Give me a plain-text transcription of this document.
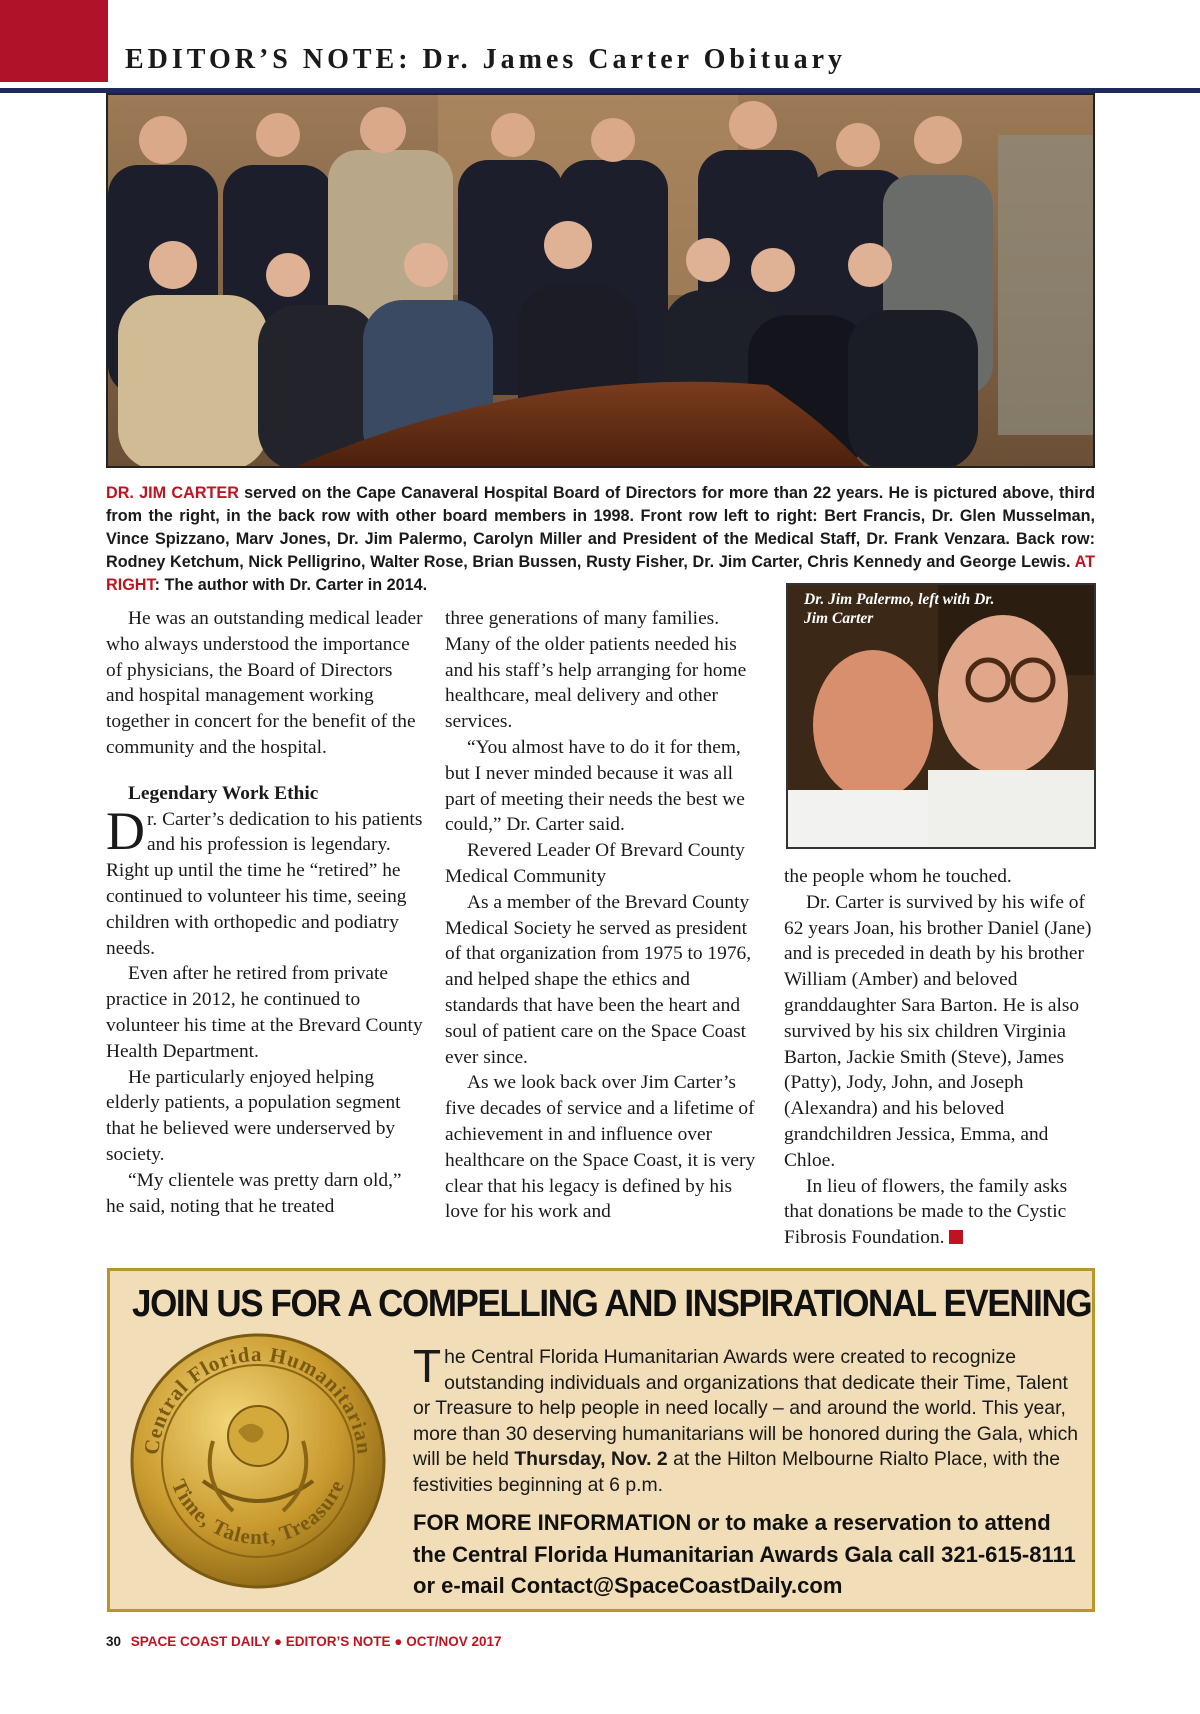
EDITOR’S NOTE: Dr. James Carter Obituary
DR. JIM CARTER served on the Cape Canaveral Hospital Board of Directors for more than 22 years. He is pictured above, third from the right, in the back row with other board members in 1998. Front row left to right: Bert Francis, Dr. Glen Musselman, Vince Spizzano, Marv Jones, Dr. Jim Palermo, Carolyn Miller and President of the Medical Staff, Dr. Frank Venzara. Back row: Rodney Ketchum, Nick Pelligrino, Walter Rose, Brian Bussen, Rusty Fisher, Dr. Jim Carter, Chris Kennedy and George Lewis. AT RIGHT: The author with Dr. Carter in 2014.
Dr. Jim Palermo, left with Dr. Jim Carter

He was an outstanding medical leader who always understood the importance of physicians, the Board of Directors and hospital management working together in concert for the benefit of the community and the hospital.

Legendary Work Ethic

Dr. Carter’s dedication to his patients and his profession is legendary. Right up until the time he “retired” he continued to volunteer his time, seeing children with orthopedic and podiatry needs.

Even after he retired from private practice in 2012, he continued to volunteer his time at the Brevard County Health Department.

He particularly enjoyed helping elderly patients, a population segment that he believed were underserved by society.

“My clientele was pretty darn old,” he said, noting that he treated

three generations of many families. Many of the older patients needed his and his staff’s help arranging for home healthcare, meal delivery and other services.

“You almost have to do it for them, but I never minded because it was all part of meeting their needs the best we could,” Dr. Carter said.

Revered Leader Of Brevard County Medical Community

As a member of the Brevard County Medical Society he served as president of that organization from 1975 to 1976, and helped shape the ethics and standards that have been the heart and soul of patient care on the Space Coast ever since.

As we look back over Jim Carter’s five decades of service and a lifetime of achievement in and influence over healthcare on the Space Coast, it is very clear that his legacy is defined by his love for his work and

the people whom he touched.

Dr. Carter is survived by his wife of 62 years Joan, his brother Daniel (Jane) and is preceded in death by his brother William (Amber) and beloved granddaughter Sara Barton. He is also survived by his six children Virginia Barton, Jackie Smith (Steve), James (Patty), Jody, John, and Joseph (Alexandra) and his beloved grandchildren Jessica, Emma, and Chloe.

In lieu of flowers, the family asks that donations be made to the Cystic Fibrosis Foundation.

JOIN US FOR A COMPELLING AND INSPIRATIONAL EVENING
Central Florida Humanitarian
Time, Talent, Treasure
The Central Florida Humanitarian Awards were created to recognize outstanding individuals and organizations that dedicate their Time, Talent or Treasure to help people in need locally – and around the world. This year, more than 30 deserving humanitarians will be honored during the Gala, which will be held Thursday, Nov. 2 at the Hilton Melbourne Rialto Place, with the festivities beginning at 6 p.m.
FOR MORE INFORMATION or to make a reservation to attend the Central Florida Humanitarian Awards Gala call 321-615-8111 or e-mail Contact@SpaceCoastDaily.com
30 SPACE COAST DAILY ● EDITOR’S NOTE ● OCT/NOV 2017
